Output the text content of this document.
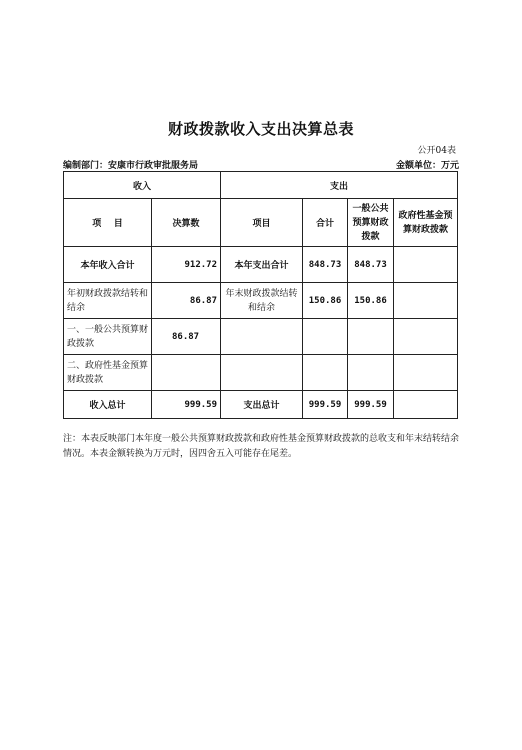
财政拨款收入支出决算总表
公开04表
编制部门：安康市行政审批服务局	金额单位：万元
收入		支出			
项    目	决算数	项目	合计	一般公共预算财政拨款	政府性基金预算财政拨款
本年收入合计	912.72	本年支出合计	848.73	848.73	
年初财政拨款结转和结余	86.87	年末财政拨款结转和结余	150.86	150.86	
一、一般公共预算财政拨款	86.87				
二、政府性基金预算财政拨款					
收入总计	999.59	支出总计	999.59	999.59	
注：本表反映部门本年度一般公共预算财政拨款和政府性基金预算财政拨款的总收支和年末结转结余情况。本表金额转换为万元时，因四舍五入可能存在尾差。
